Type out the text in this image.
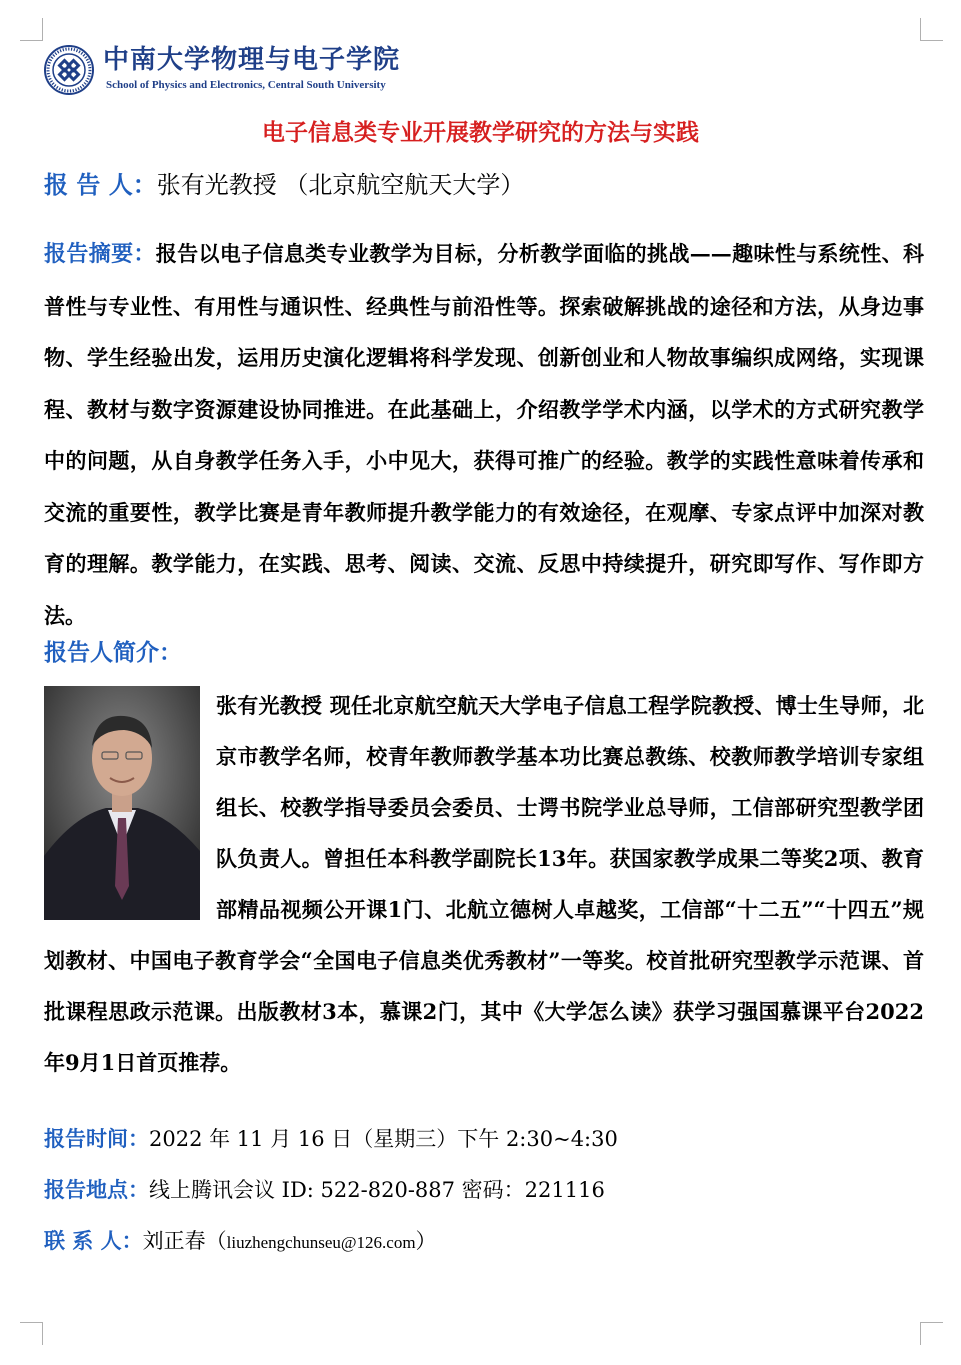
中南大学物理与电子学院
School of Physics and Electronics, Central South University
电子信息类专业开展教学研究的方法与实践
报 告 人：张有光教授 （北京航空航天大学）

报告摘要：报告以电子信息类专业教学为目标，分析教学面临的挑战——趣味性与系统性、科普性与专业性、有用性与通识性、经典性与前沿性等。探索破解挑战的途径和方法，从身边事物、学生经验出发，运用历史演化逻辑将科学发现、创新创业和人物故事编织成网络，实现课程、教材与数字资源建设协同推进。在此基础上，介绍教学学术内涵，以学术的方式研究教学中的问题，从自身教学任务入手，小中见大，获得可推广的经验。教学的实践性意味着传承和交流的重要性，教学比赛是青年教师提升教学能力的有效途径，在观摩、专家点评中加深对教育的理解。教学能力，在实践、思考、阅读、交流、反思中持续提升，研究即写作、写作即方法。

报告人简介：

张有光教授 现任北京航空航天大学电子信息工程学院教授、博士生导师，北京市教学名师，校青年教师教学基本功比赛总教练、校教师教学培训专家组组长、校教学指导委员会委员、士谔书院学业总导师，工信部研究型教学团队负责人。曾担任本科教学副院长13年。获国家教学成果二等奖2项、教育部精品视频公开课1门、北航立德树人卓越奖，工信部“十二五”“十四五”规划教材、中国电子教育学会“全国电子信息类优秀教材”一等奖。校首批研究型教学示范课、首批课程思政示范课。出版教材3本，慕课2门，其中《大学怎么读》获学习强国慕课平台2022年9月1日首页推荐。

报告时间：2022 年 11 月 16 日（星期三）下午 2:30~4:30
报告地点：线上腾讯会议 ID: 522-820-887 密码：221116
联 系 人：刘正春（liuzhengchunseu@126.com）
